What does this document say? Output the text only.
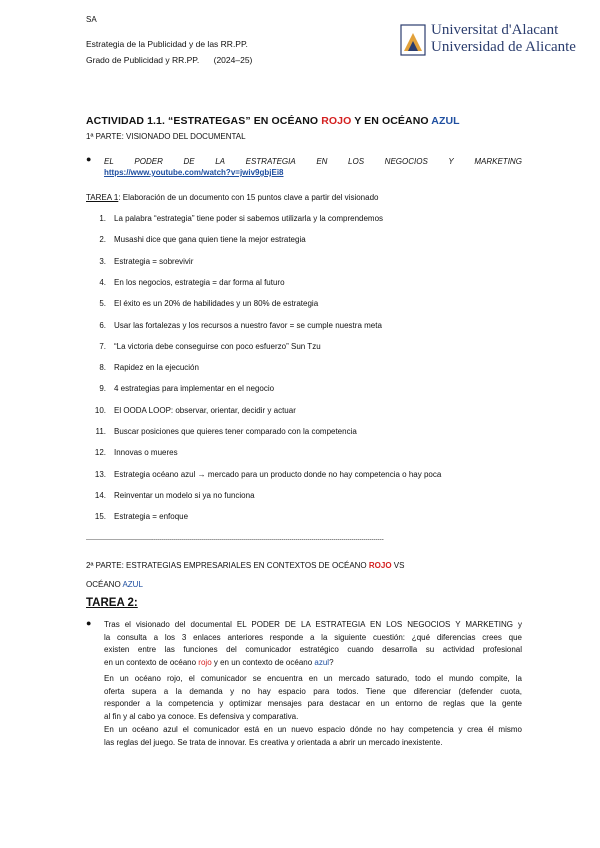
SA
Estrategia de la Publicidad y de las RR.PP.
Grado de Publicidad y RR.PP. (2024–25)
Universitat d'Alacant
Universidad de Alicante
ACTIVIDAD 1.1. “ESTRATEGAS” EN OCÉANO ROJO Y EN OCÉANO AZUL
1ª PARTE: VISIONADO DEL DOCUMENTAL
● EL	PODER	DE	LA	ESTRATEGIA	EN	LOS	NEGOCIOS	Y	MARKETING
https://www.youtube.com/watch?v=jwiv9gbjEi8
TAREA 1: Elaboración de un documento con 15 puntos clave a partir del visionado
1. La palabra “estrategia” tiene poder si sabemos utilizarla y la comprendemos
2. Musashi dice que gana quien tiene la mejor estrategia
3. Estrategia = sobrevivir
4. En los negocios, estrategia = dar forma al futuro
5. El éxito es un 20% de habilidades y un 80% de estrategia
6. Usar las fortalezas y los recursos a nuestro favor = se cumple nuestra meta
7. “La victoria debe conseguirse con poco esfuerzo” Sun Tzu
8. Rapidez en la ejecución
9. 4 estrategias para implementar en el negocio
10. El OODA LOOP: observar, orientar, decidir y actuar
11. Buscar posiciones que quieres tener comparado con la competencia
12. Innovas o mueres
13. Estrategia océano azul → mercado para un producto donde no hay competencia o hay poca
14. Reinventar un modelo si ya no funciona
15. Estrategia = enfoque
-----------------------------------------------------------------------------------------------------------------------------------------------------
2ª PARTE: ESTRATEGIAS EMPRESARIALES EN CONTEXTOS DE OCÉANO ROJO VS
OCÉANO AZUL
TAREA 2:
● Tras el visionado del documental EL PODER DE LA ESTRATEGIA EN LOS NEGOCIOS Y MARKETING y
la consulta a los 3 enlaces anteriores responde a la siguiente cuestión: ¿qué diferencias crees que
existen entre las funciones del comunicador estratégico cuando desarrolla su actividad profesional
en un contexto de océano rojo y en un contexto de océano azul?
En un océano rojo, el comunicador se encuentra en un mercado saturado, todo el mundo compite, la
oferta supera a la demanda y no hay espacio para todos. Tiene que diferenciar (defender cuota,
responder a la competencia y optimizar mensajes para destacar en un entorno de reglas que la gente
al fin y al cabo ya conoce. Es defensiva y comparativa.
En un océano azul el comunicador está en un nuevo espacio dónde no hay competencia y crea él mismo
las reglas del juego. Se trata de innovar. Es creativa y orientada a abrir un mercado inexistente.
